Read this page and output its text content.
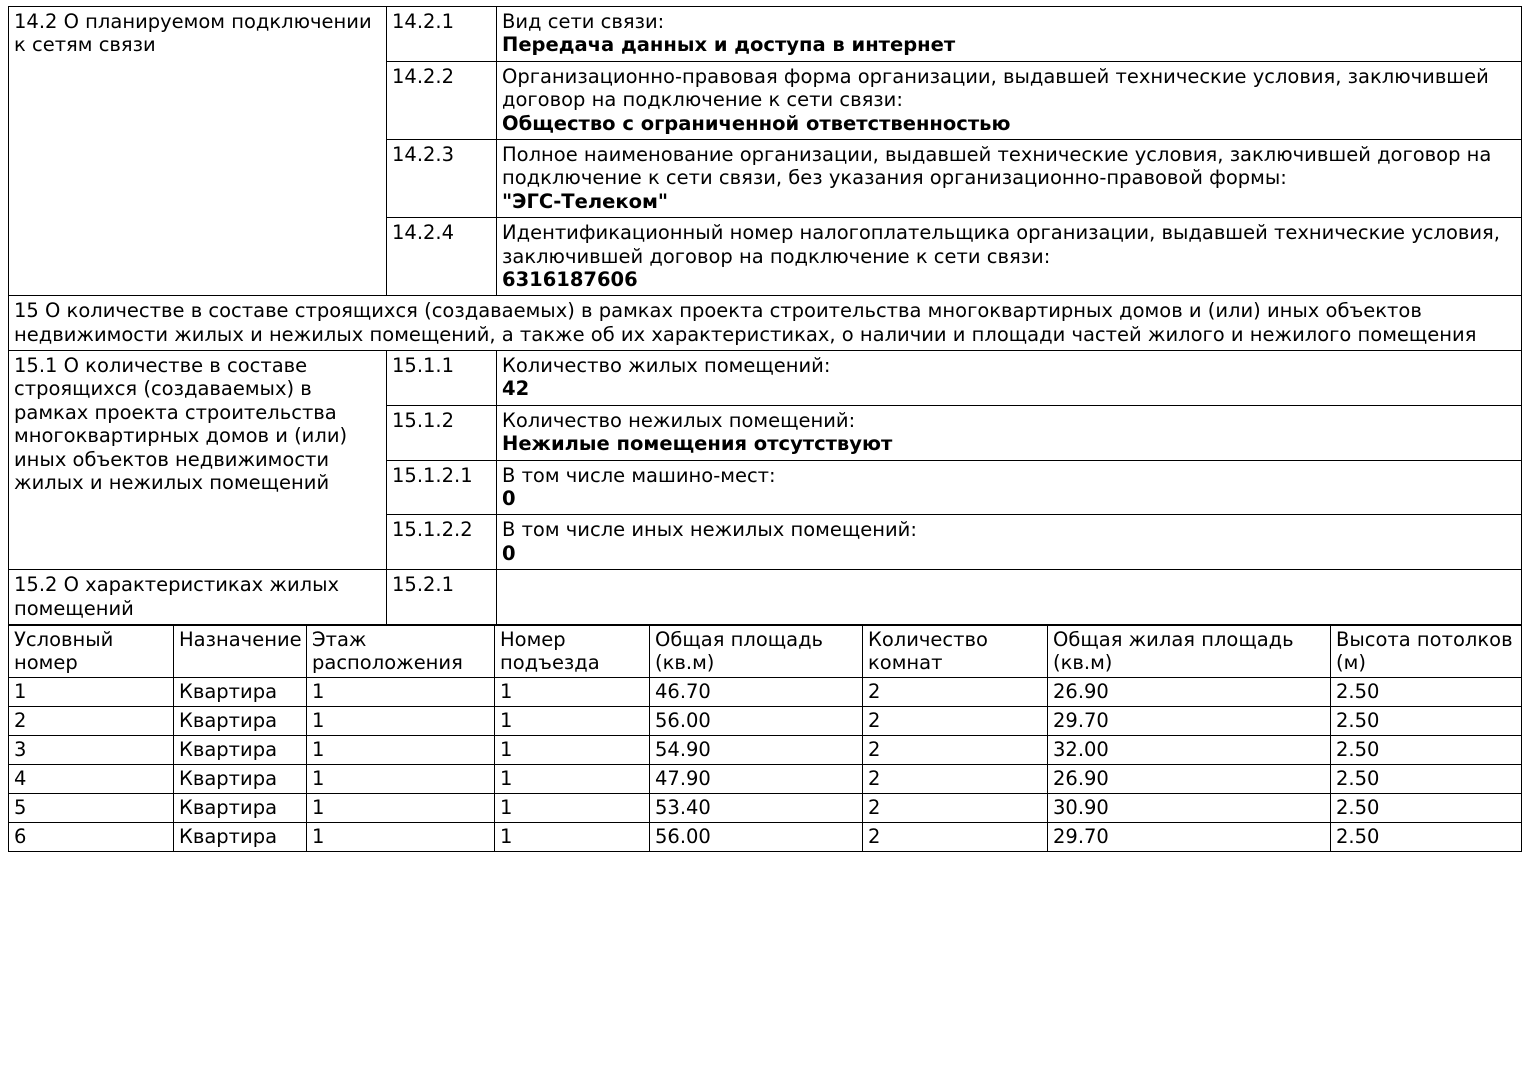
14.2 О планируемом подключении к сетям связи	14.2.1	Вид сети связи:
Передача данных и доступа в интернет

	14.2.2	Организационно-правовая форма организации, выдавшей технические условия, заключившей договор на подключение к сети связи:
Общество с ограниченной ответственностью

	14.2.3	Полное наименование организации, выдавшей технические условия, заключившей договор на подключение к сети связи, без указания организационно-правовой формы:
"ЭГС-Телеком"

	14.2.4	Идентификационный номер налогоплательщика организации, выдавшей технические условия, заключившей договор на подключение к сети связи:
6316187606

15 О количестве в составе строящихся (создаваемых) в рамках проекта строительства многоквартирных домов и (или) иных объектов недвижимости жилых и нежилых помещений, а также об их характеристиках, о наличии и площади частей жилого и нежилого помещения		
15.1 О количестве в составе строящихся (создаваемых) в рамках проекта строительства многоквартирных домов и (или) иных объектов недвижимости жилых и нежилых помещений	15.1.1	Количество жилых помещений:
42

	15.1.2	Количество нежилых помещений:
Нежилые помещения отсутствуют

	15.1.2.1	В том числе машино-мест:
0

	15.1.2.2	В том числе иных нежилых помещений:
0

15.2 О характеристиках жилых помещений	15.2.1	
Условный номер	Назначение	Этаж расположения	Номер подъезда	Общая площадь (кв.м)	Количество комнат	Общая жилая площадь (кв.м)	Высота потолков (м)
1	Квартира	1	1	46.70	2	26.90	2.50
2	Квартира	1	1	56.00	2	29.70	2.50
3	Квартира	1	1	54.90	2	32.00	2.50
4	Квартира	1	1	47.90	2	26.90	2.50
5	Квартира	1	1	53.40	2	30.90	2.50
6	Квартира	1	1	56.00	2	29.70	2.50
